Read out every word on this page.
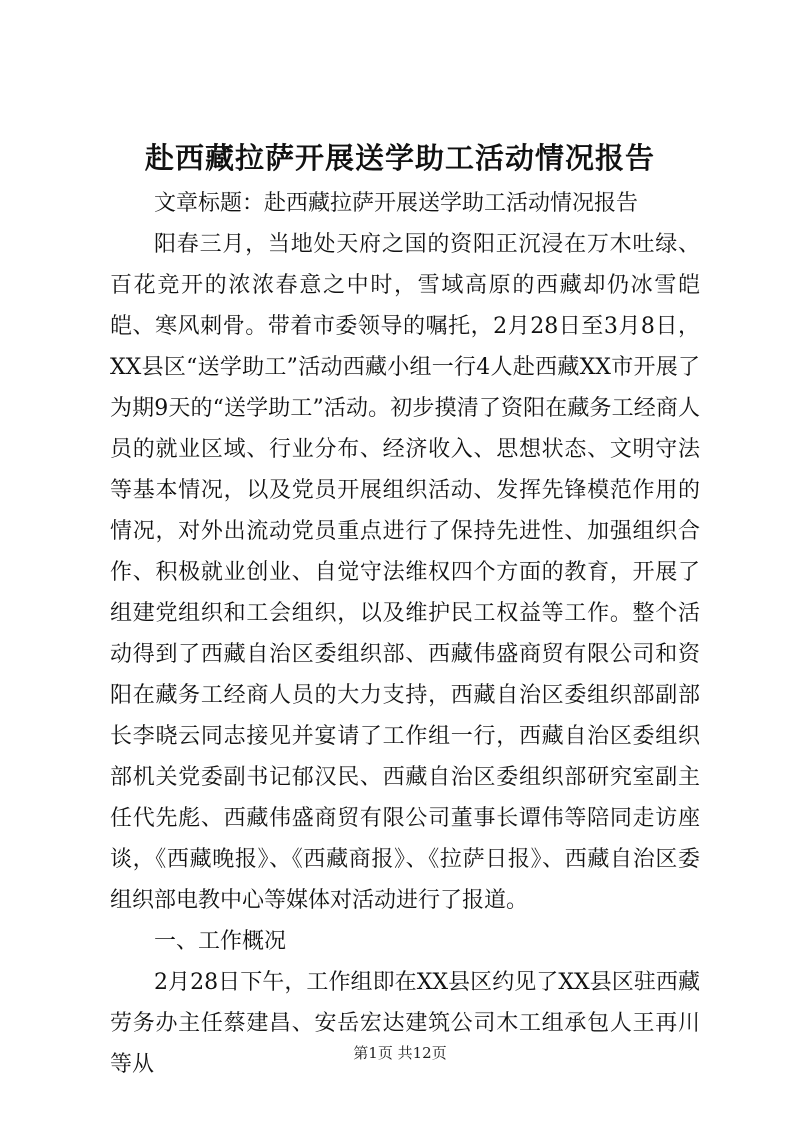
赴西藏拉萨开展送学助工活动情况报告

文章标题：赴西藏拉萨开展送学助工活动情况报告

阳春三月，当地处天府之国的资阳正沉浸在万木吐绿、百花竞开的浓浓春意之中时，雪域高原的西藏却仍冰雪皑皑、寒风刺骨。带着市委领导的嘱托，2月28日至3月8日，XX县区“送学助工”活动西藏小组一行4人赴西藏XX市开展了为期9天的“送学助工”活动。初步摸清了资阳在藏务工经商人员的就业区域、行业分布、经济收入、思想状态、文明守法等基本情况，以及党员开展组织活动、发挥先锋模范作用的情况，对外出流动党员重点进行了保持先进性、加强组织合作、积极就业创业、自觉守法维权四个方面的教育，开展了组建党组织和工会组织，以及维护民工权益等工作。整个活动得到了西藏自治区委组织部、西藏伟盛商贸有限公司和资阳在藏务工经商人员的大力支持，西藏自治区委组织部副部长李晓云同志接见并宴请了工作组一行，西藏自治区委组织部机关党委副书记郁汉民、西藏自治区委组织部研究室副主任代先彪、西藏伟盛商贸有限公司董事长谭伟等陪同走访座谈，《西藏晚报》、《西藏商报》、《拉萨日报》、西藏自治区委组织部电教中心等媒体对活动进行了报道。

一、工作概况

2月28日下午，工作组即在XX县区约见了XX县区驻西藏劳务办主任蔡建昌、安岳宏达建筑公司木工组承包人王再川等从	第1页 共12页
